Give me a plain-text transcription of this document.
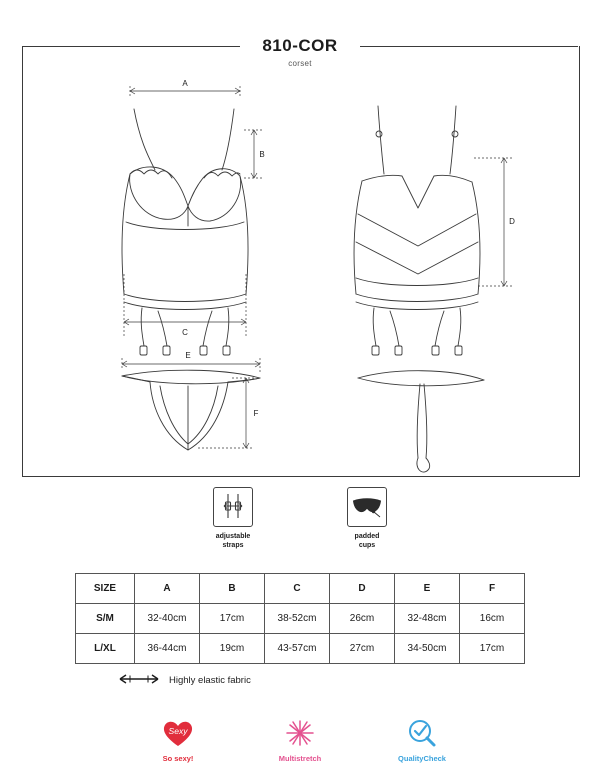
810-COR
corset
A
B
C
D
E
F
adjustable
straps
padded
cups
SIZE	A	B	C	D	E	F
S/M	32-40cm	17cm	38-52cm	26cm	32-48cm	16cm
L/XL	36-44cm	19cm	43-57cm	27cm	34-50cm	17cm
Highly elastic fabric
Sexy
So sexy!	Multistretch	QualityCheck
